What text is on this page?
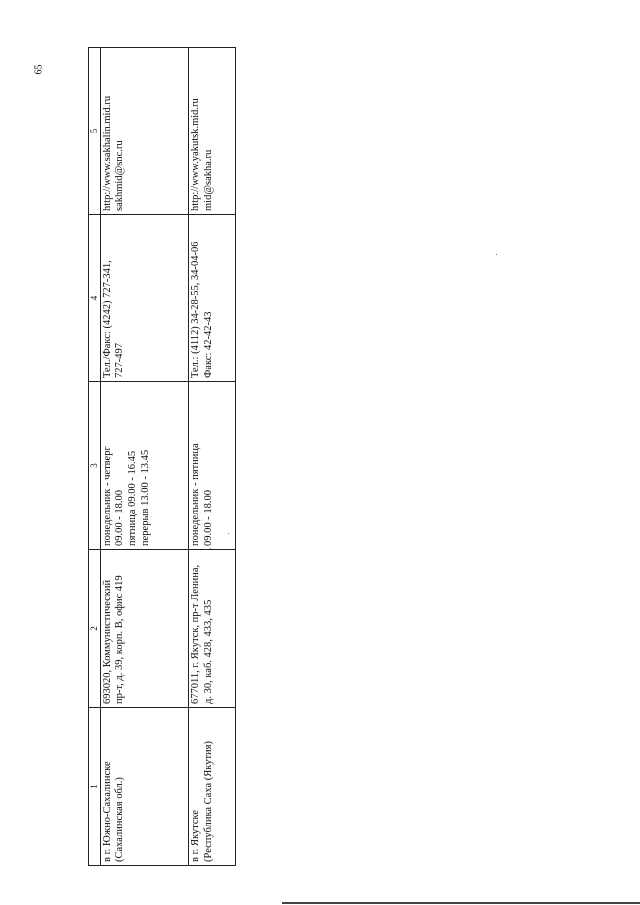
65
1	2	3	4	5

в г. Южно-Сахалинске (Сахалинская обл.)	693020, Коммунистический пр-т, д. 39, корп. В, офис 419	понедельник - четверг 09.00 - 18.00 пятница 09.00 - 16.45 перерыв 13.00 - 13.45	Тел./Факс: (4242) 727-341, 727-497	http://www.sakhalin.mid.ru sakhmid@snc.ru

в г. Якутске (Республика Саха (Якутия)	677011, г. Якутск, пр-т Ленина, д. 30, каб. 428, 433, 435	понедельник - пятница 09.00 - 18.00	Тел.: (4112) 34-28-55, 34-04-06 Факс: 42-42-43	http://www.yakutsk.mid.ru mid@sakha.ru
